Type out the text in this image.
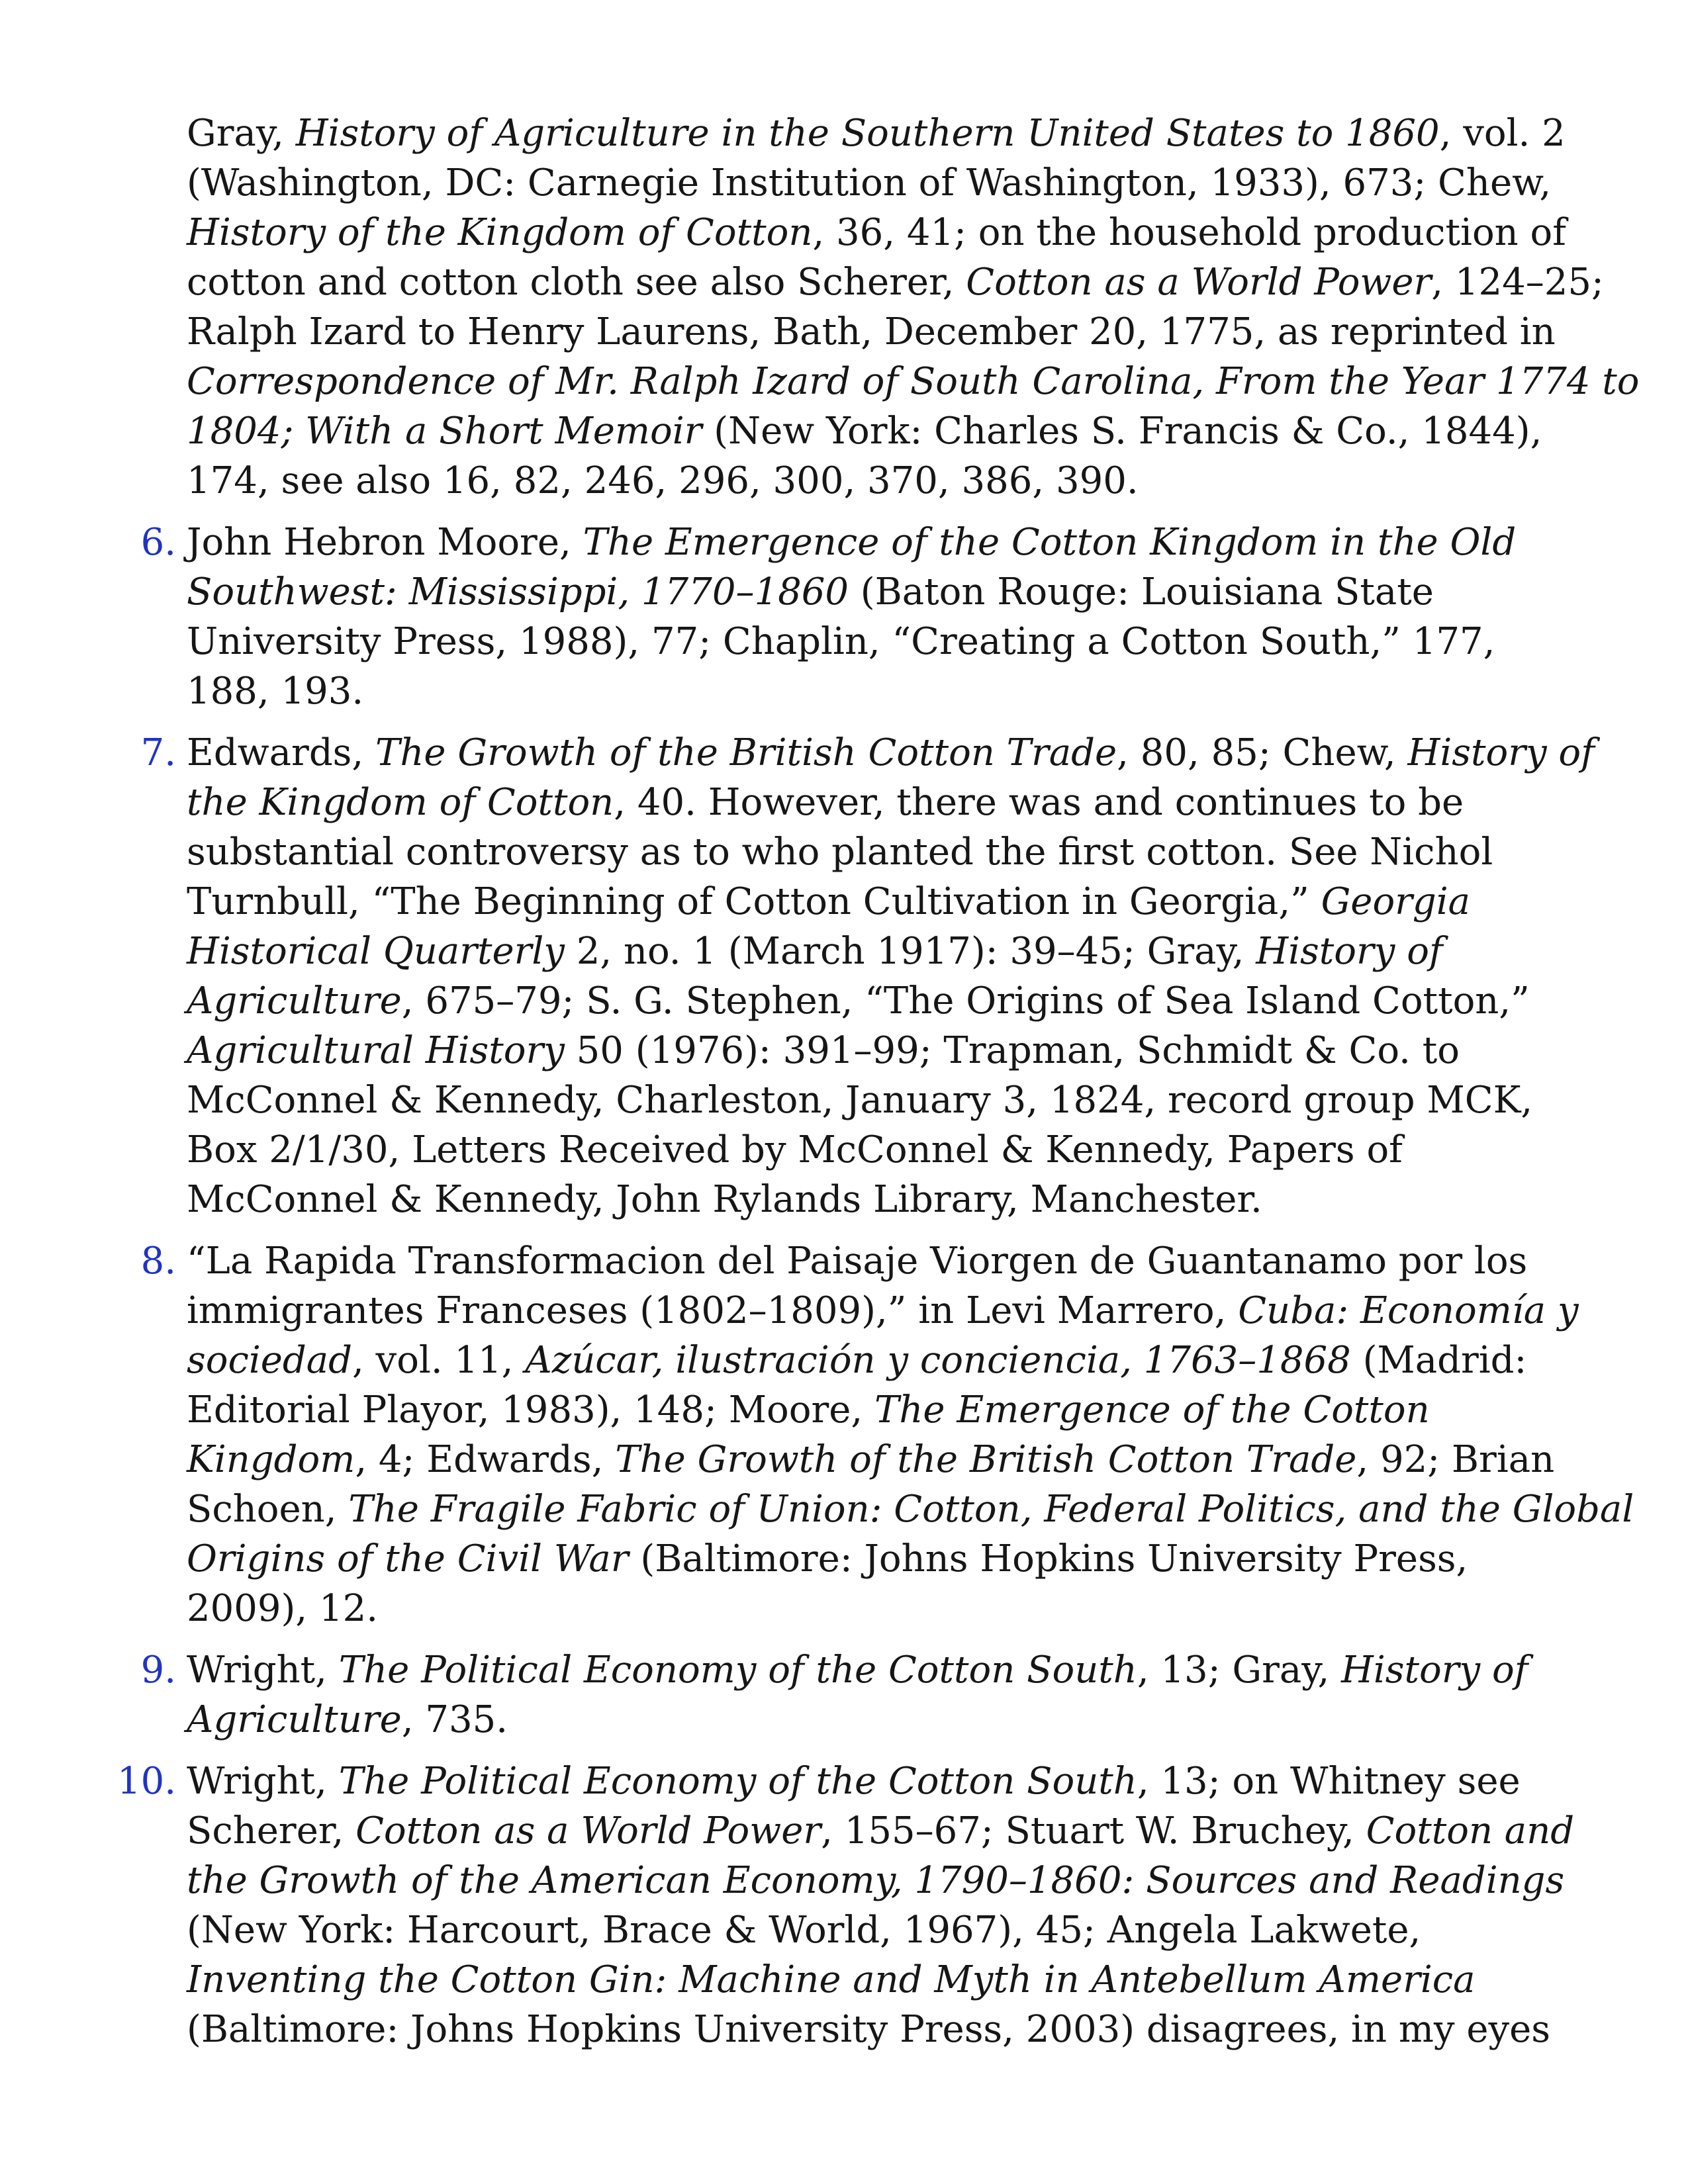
Gray, History of Agriculture in the Southern United States to 1860, vol. 2
(Washington, DC: Carnegie Institution of Washington, 1933), 673; Chew,
History of the Kingdom of Cotton, 36, 41; on the household production of
cotton and cotton cloth see also Scherer, Cotton as a World Power, 124–25;
Ralph Izard to Henry Laurens, Bath, December 20, 1775, as reprinted in
Correspondence of Mr. Ralph Izard of South Carolina, From the Year 1774 to
1804; With a Short Memoir (New York: Charles S. Francis & Co., 1844),
174, see also 16, 82, 246, 296, 300, 370, 386, 390.
6. John Hebron Moore, The Emergence of the Cotton Kingdom in the Old
Southwest: Mississippi, 1770–1860 (Baton Rouge: Louisiana State
University Press, 1988), 77; Chaplin, “Creating a Cotton South,” 177,
188, 193.
7. Edwards, The Growth of the British Cotton Trade, 80, 85; Chew, History of
the Kingdom of Cotton, 40. However, there was and continues to be
substantial controversy as to who planted the first cotton. See Nichol
Turnbull, “The Beginning of Cotton Cultivation in Georgia,” Georgia
Historical Quarterly 2, no. 1 (March 1917): 39–45; Gray, History of
Agriculture, 675–79; S. G. Stephen, “The Origins of Sea Island Cotton,”
Agricultural History 50 (1976): 391–99; Trapman, Schmidt & Co. to
McConnel & Kennedy, Charleston, January 3, 1824, record group MCK,
Box 2/1/30, Letters Received by McConnel & Kennedy, Papers of
McConnel & Kennedy, John Rylands Library, Manchester.
8. “La Rapida Transformacion del Paisaje Viorgen de Guantanamo por los
immigrantes Franceses (1802–1809),” in Levi Marrero, Cuba: Economía y
sociedad, vol. 11, Azúcar, ilustración y conciencia, 1763–1868 (Madrid:
Editorial Playor, 1983), 148; Moore, The Emergence of the Cotton
Kingdom, 4; Edwards, The Growth of the British Cotton Trade, 92; Brian
Schoen, The Fragile Fabric of Union: Cotton, Federal Politics, and the Global
Origins of the Civil War (Baltimore: Johns Hopkins University Press,
2009), 12.
9. Wright, The Political Economy of the Cotton South, 13; Gray, History of
Agriculture, 735.
10. Wright, The Political Economy of the Cotton South, 13; on Whitney see
Scherer, Cotton as a World Power, 155–67; Stuart W. Bruchey, Cotton and
the Growth of the American Economy, 1790–1860: Sources and Readings
(New York: Harcourt, Brace & World, 1967), 45; Angela Lakwete,
Inventing the Cotton Gin: Machine and Myth in Antebellum America
(Baltimore: Johns Hopkins University Press, 2003) disagrees, in my eyes
